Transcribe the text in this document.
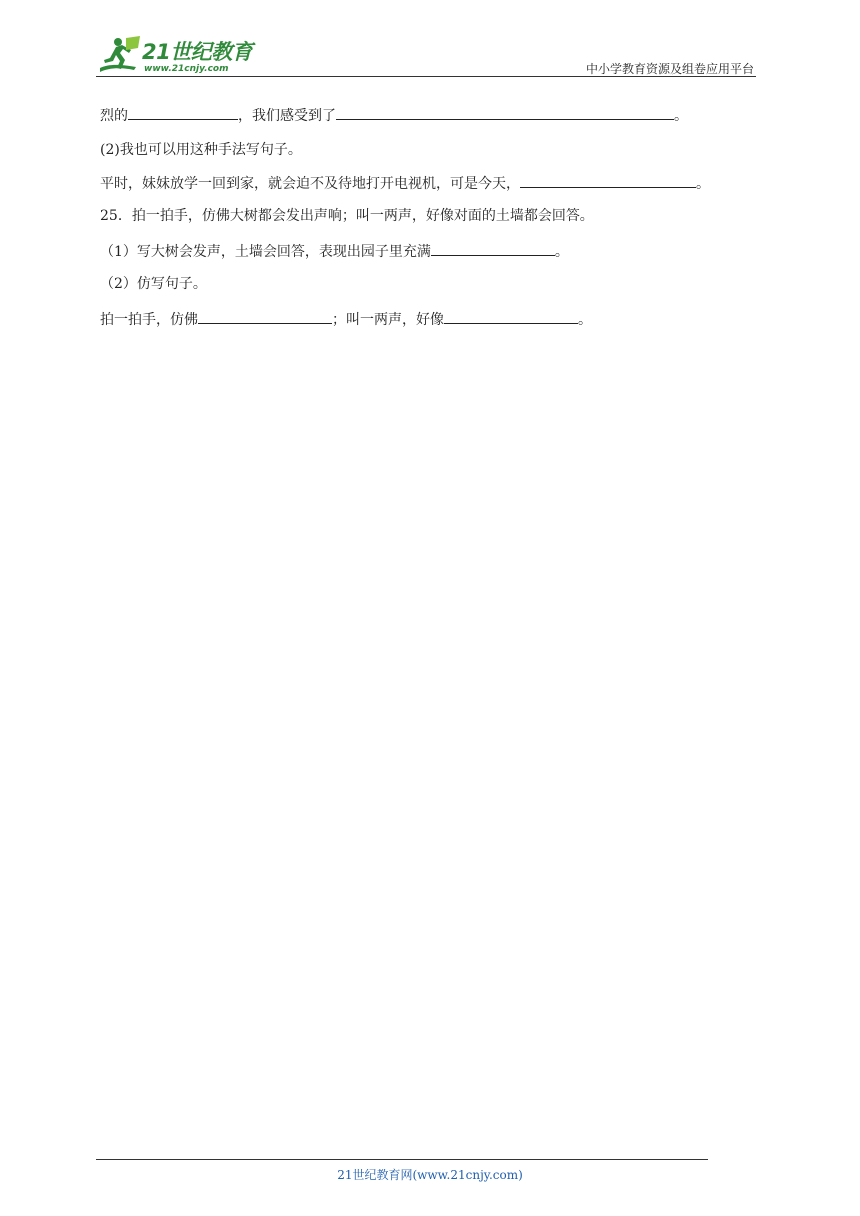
21世纪教育
www.21cnjy.com	中小学教育资源及组卷应用平台
烈的	，我们感受到了	。
(2)我也可以用这种手法写句子。
平时，妹妹放学一回到家，就会迫不及待地打开电视机，可是今天，	。
25．拍一拍手，仿佛大树都会发出声响；叫一两声，好像对面的土墙都会回答。
（1）写大树会发声，土墙会回答，表现出园子里充满	。
（2）仿写句子。
拍一拍手，仿佛	；叫一两声，好像	。
21世纪教育网(www.21cnjy.com)
